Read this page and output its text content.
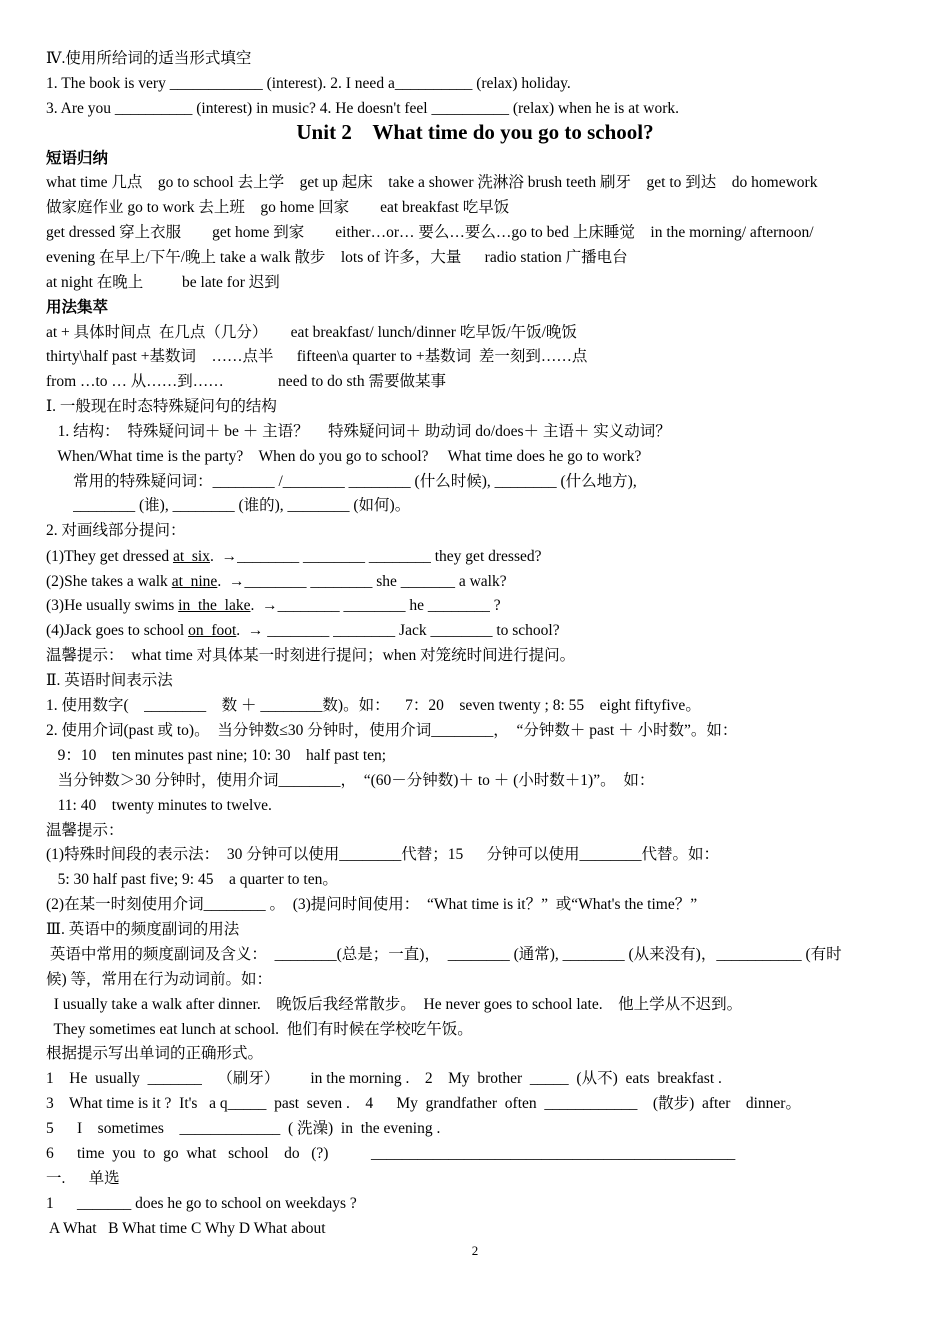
Ⅳ.使用所给词的适当形式填空
1. The book is very ____________ (interest). 2. I need a__________ (relax) holiday.
3. Are you __________ (interest) in music? 4. He doesn't feel __________ (relax) when he is at work.
Unit 2    What time do you go to school?
短语归纳
what time 几点    go to school 去上学    get up 起床    take a shower 洗淋浴 brush teeth 刷牙    get to 到达    do homework
做家庭作业 go to work 去上班    go home 回家        eat breakfast 吃早饭
get dressed 穿上衣服        get home 到家        either…or… 要么…要么…go to bed 上床睡觉    in the morning/ afternoon/
evening 在早上/下午/晚上 take a walk 散步    lots of 许多，大量      radio station 广播电台
at night 在晚上          be late for 迟到
用法集萃
at + 具体时间点  在几点（几分）      eat breakfast/ lunch/dinner 吃早饭/午饭/晚饭
thirty\half past +基数词    ……点半      fifteen\a quarter to +基数词  差一刻到……点
from …to … 从……到……              need to do sth 需要做某事
Ⅰ. 一般现在时态特殊疑问句的结构
1. 结构：  特殊疑问词＋ be ＋ 主语？     特殊疑问词＋ 助动词 do/does＋ 主语＋ 实义动词？
When/What time is the party?    When do you go to school?     What time does he go to work?
常用的特殊疑问词：________ /________ ________ (什么时候), ________ (什么地方),
________ (谁), ________ (谁的), ________ (如何)。
2. 对画线部分提问：
(1)They get dressed at  six.  →________ ________ ________ they get dressed?
(2)She takes a walk at  nine.  →________ ________ she _______ a walk?
(3)He usually swims in  the  lake.  →________ ________ he ________ ?
(4)Jack goes to school on  foot.  → ________ ________ Jack ________ to school?
温馨提示：  what time 对具体某一时刻进行提问；when 对笼统时间进行提问。
Ⅱ. 英语时间表示法
1. 使用数字(    ________    数 ＋ ________数)。如：    7：20    seven twenty ; 8: 55    eight fiftyfive。
2. 使用介词(past 或 to)。  当分钟数≤30 分钟时，使用介词________，  “分钟数＋ past ＋ 小时数”。如：
9：10    ten minutes past nine; 10: 30    half past ten;
当分钟数＞30 分钟时，使用介词________，  “(60－分钟数)＋ to ＋ (小时数＋1)”。  如：
11: 40    twenty minutes to twelve.
温馨提示：
(1)特殊时间段的表示法：  30 分钟可以使用________代替；15      分钟可以使用________代替。如：
5: 30 half past five; 9: 45    a quarter to ten。
(2)在某一时刻使用介词________ 。  (3)提问时间使用：  “What time is it？”  或“What's the time？”
Ⅲ. 英语中的频度副词的用法
英语中常用的频度副词及含义：  ________(总是；一直)，  ________ (通常), ________ (从来没有)，___________ (有时
候) 等，常用在行为动词前。如：
I usually take a walk after dinner.    晚饭后我经常散步。  He never goes to school late.    他上学从不迟到。
They sometimes eat lunch at school.  他们有时候在学校吃午饭。
根据提示写出单词的正确形式。
1    He  usually  _______    （刷牙）        in the morning .    2    My  brother  _____  (从不)  eats  breakfast .
3    What time is it ?  It's   a q_____  past  seven .    4      My  grandfather  often  ____________    (散步)  after    dinner。
5      I    sometimes    _____________  ( 洗澡)  in  the evening .
6      time  you  to  go  what   school    do   (?)           _______________________________________________
一.      单选
1      _______ does he go to school on weekdays ?
A What   B What time C Why D What about
2
